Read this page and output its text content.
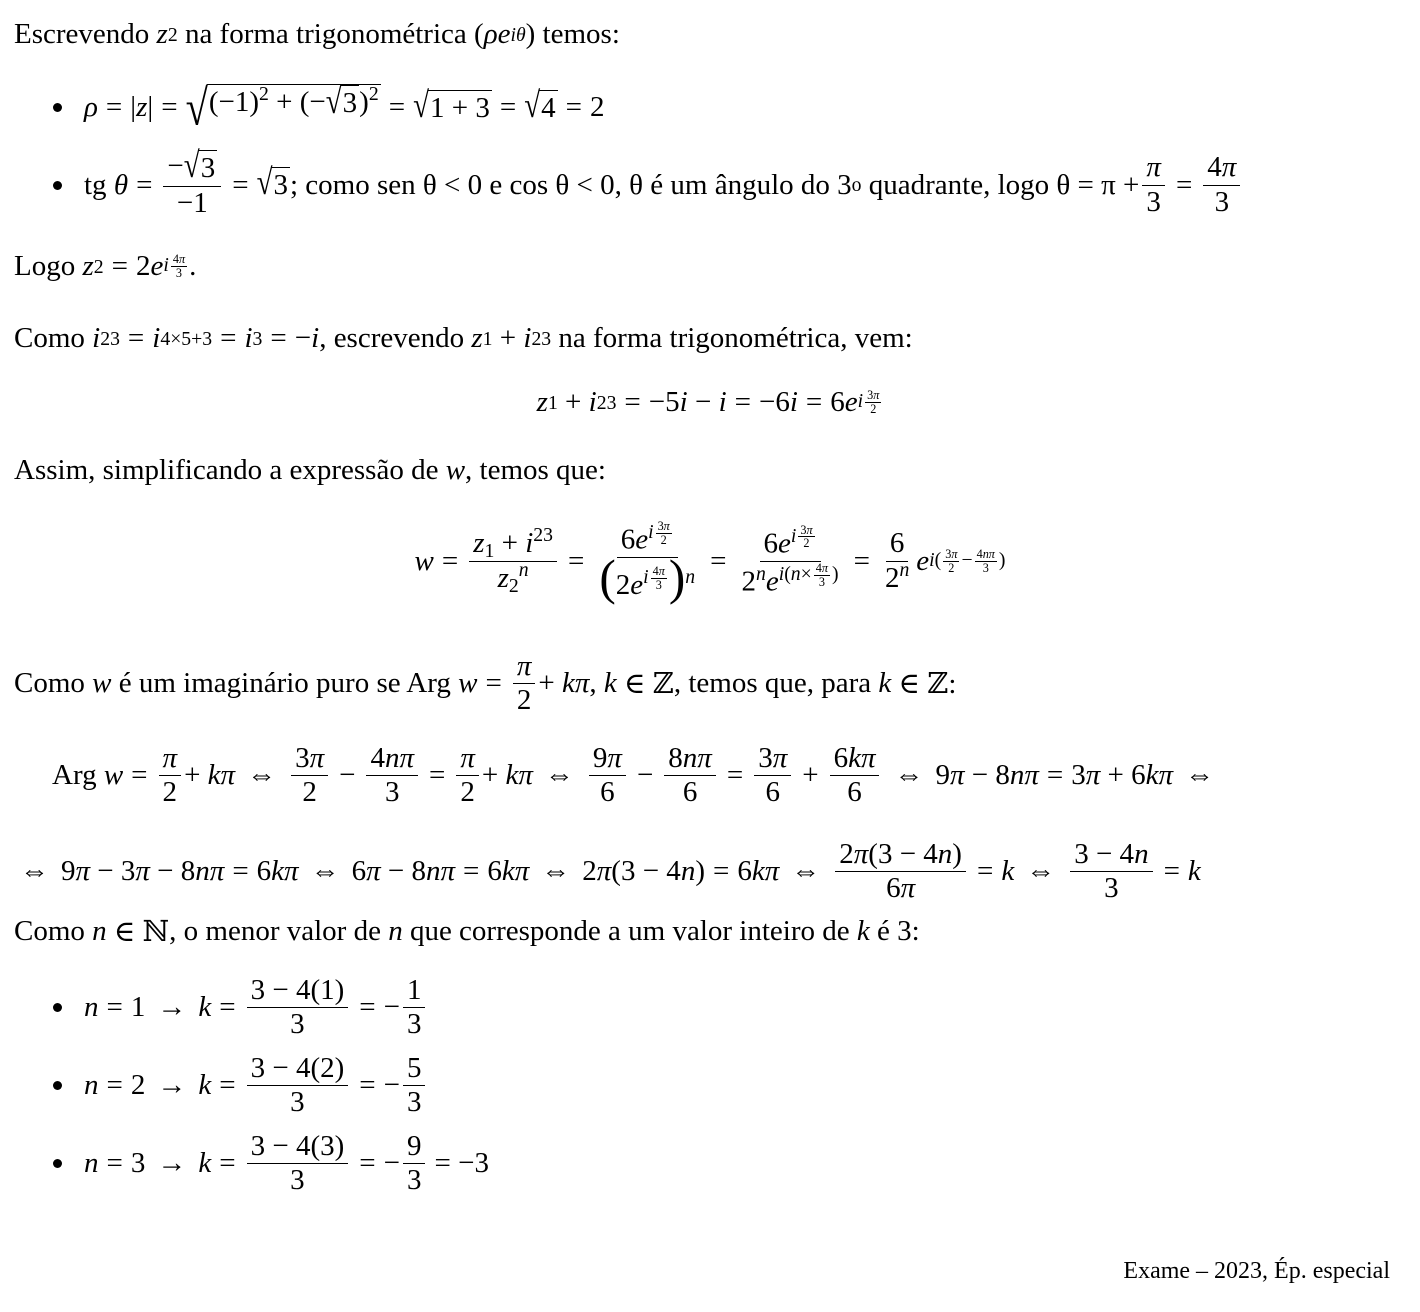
Escrevendo
z 2
na forma trigonométrica ( ρe iθ ) temos:
ρ = | z | = √ $(-1)^2$ + (− √ 3 )$^2$ = √ 1 + 3 = √ 4 = 2
tg $\theta = \frac{- √ 3}{-1}$ = √ 3 ; como sen θ < 0 e cos θ < 0, θ é um ângulo do 3 o
quadrante, logo $\theta = \pi + \frac{\pi}{3} = \frac{4\pi}{3}$
Logo
z 2 = 2 e i $\frac{4\pi}{3}$ .
Como
i 23 = i 4×5+3 = i 3 = − i , escrevendo
z 1 + i 23
na forma trigonométrica, vem:
z 1 + i 23 = −5 i − i = −6 i = 6 e i $\frac{3\pi}{2}$
Assim, simplificando a expressão de
w , temos que:
$w = \frac{z_1 + i^{23}}{z_2^n} = 6e^{i \frac{3\pi}{2}}$
($2e^{i \frac{4\pi}{3}}$ )$^n = 6e^{i \frac{3\pi}{2}}$
$2^ne^{i(n\times \frac{4\pi}{3} )} = \frac{6}{2^n}$ e $i( \frac{3\pi}{2} - \frac{4n\pi}{3}$ )
Como
w
é um imaginário puro se Arg
$w = \frac{\pi}{2} + k\pi$ , k ∈ ℤ , temos que, para
k ∈ ℤ:
Arg $w = \frac{\pi}{2} + k\pi$ ⇔ $\frac{3\pi}{2} - \frac{4n\pi}{3} = \frac{\pi}{2} + k\pi$ ⇔ $\frac{9\pi}{6} - \frac{8n\pi}{6} = \frac{3\pi}{6} + \frac{6k\pi}{6}$ ⇔ 9 π − 8 nπ = 3 π + 6 kπ ⇔
⇔ 9 π − 3 π − 8 nπ = 6 kπ ⇔ 6 π − 8 nπ = 6 kπ ⇔ 2 π (3 − 4 n ) = 6 kπ ⇔ $\frac{2\pi(3 - 4n)}{6\pi} = k$ ⇔ $\frac{3 - 4n}{3} = k$
Como
n ∈ ℕ , o menor valor de
n
que corresponde a um valor inteiro de
k
é 3:
$n = 1 \to k = \frac{3 - 4(1)}{3}$ = − $\frac{1}{3}$
$n = 2 \to k = \frac{3 - 4(2)}{3}$ = − $\frac{5}{3}$
$n = 3 \to k = \frac{3 - 4(3)}{3}$ = − $\frac{9}{3} = -3$
Exame – 2023, Ép. especial
